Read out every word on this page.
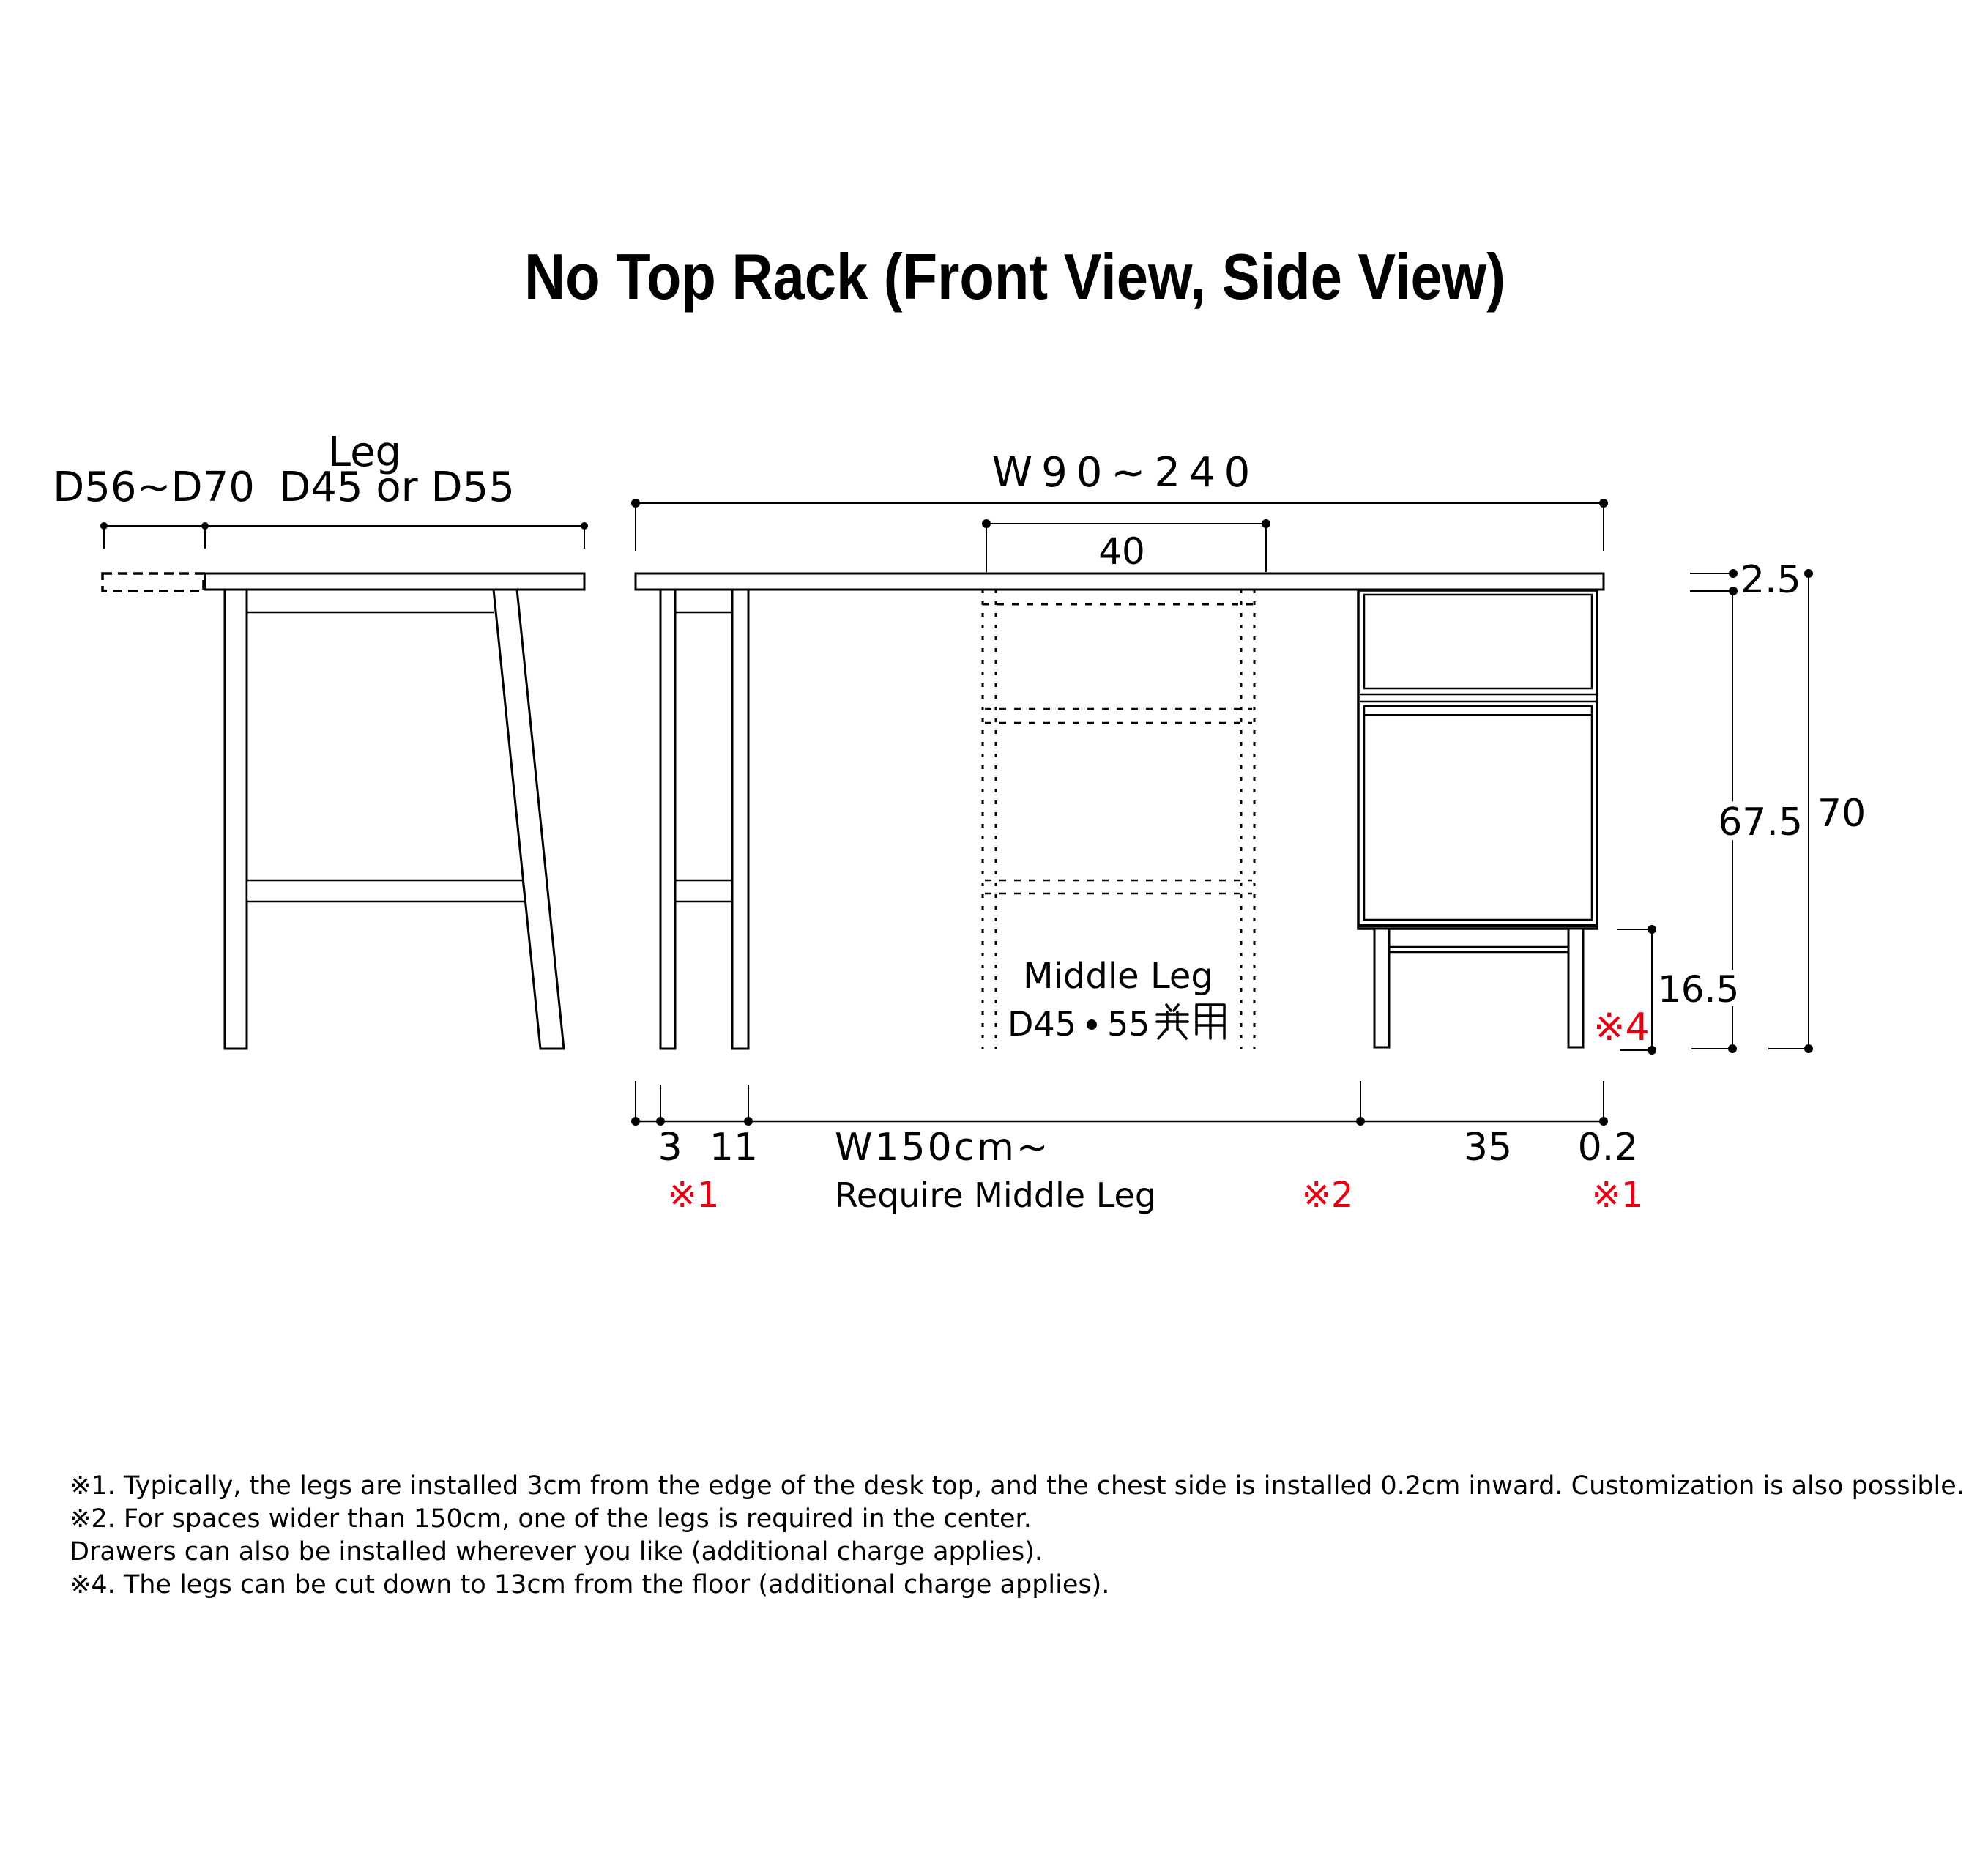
No Top Rack (Front View, Side View)
Leg
D56~D70 D45 or D55	W90~240
40
Middle Leg
D45 55
2.5
67.5 70
16.5
※4
3 11 W150cm~	35 0.2
※1	Require Middle Leg	※2	※1
※1. Typically, the legs are installed 3cm from the edge of the desk top, and the chest side is installed 0.2cm inward. Customization is also possible.
※2. For spaces wider than 150cm, one of the legs is required in the center.
Drawers can also be installed wherever you like (additional charge applies).
※4. The legs can be cut down to 13cm from the floor (additional charge applies).
